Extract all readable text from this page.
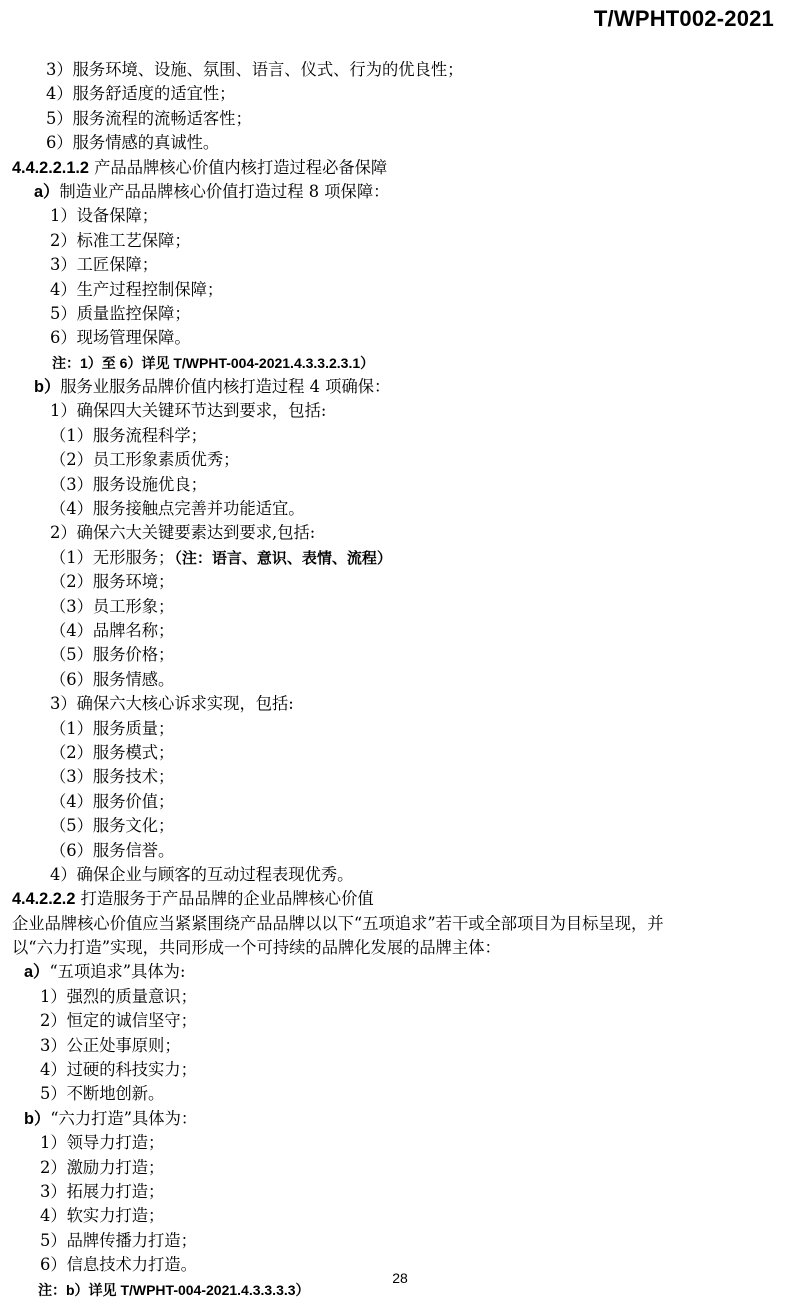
T/WPHT002-2021
3）服务环境、设施、氛围、语言、仪式、行为的优良性；
4）服务舒适度的适宜性；
5）服务流程的流畅适客性；
6）服务情感的真诚性。
4.4.2.2.1.2 产品品牌核心价值内核打造过程必备保障
a）制造业产品品牌核心价值打造过程 8 项保障：
1）设备保障；
2）标准工艺保障；
3）工匠保障；
4）生产过程控制保障；
5）质量监控保障；
6）现场管理保障。
注：1）至 6）详见 T/WPHT-004-2021.4.3.3.2.3.1）
b）服务业服务品牌价值内核打造过程 4 项确保：
1）确保四大关键环节达到要求，包括:
（1）服务流程科学；
（2）员工形象素质优秀；
（3）服务设施优良；
（4）服务接触点完善并功能适宜。
2）确保六大关键要素达到要求,包括:
（1）无形服务；（注：语言、意识、表情、流程）
（2）服务环境；
（3）员工形象；
（4）品牌名称；
（5）服务价格；
（6）服务情感。
3）确保六大核心诉求实现，包括:
（1）服务质量；
（2）服务模式；
（3）服务技术；
（4）服务价值；
（5）服务文化；
（6）服务信誉。
4）确保企业与顾客的互动过程表现优秀。
4.4.2.2.2 打造服务于产品品牌的企业品牌核心价值
企业品牌核心价值应当紧紧围绕产品品牌以以下“五项追求”若干或全部项目为目标呈现，并
以“六力打造”实现，共同形成一个可持续的品牌化发展的品牌主体：
a）“五项追求”具体为:
1）强烈的质量意识；
2）恒定的诚信坚守；
3）公正处事原则；
4）过硬的科技实力；
5）不断地创新。
b）“六力打造”具体为：
1）领导力打造；
2）激励力打造；
3）拓展力打造；
4）软实力打造；
5）品牌传播力打造；
6）信息技术力打造。
注：b）详见 T/WPHT-004-2021.4.3.3.3.3）
28
